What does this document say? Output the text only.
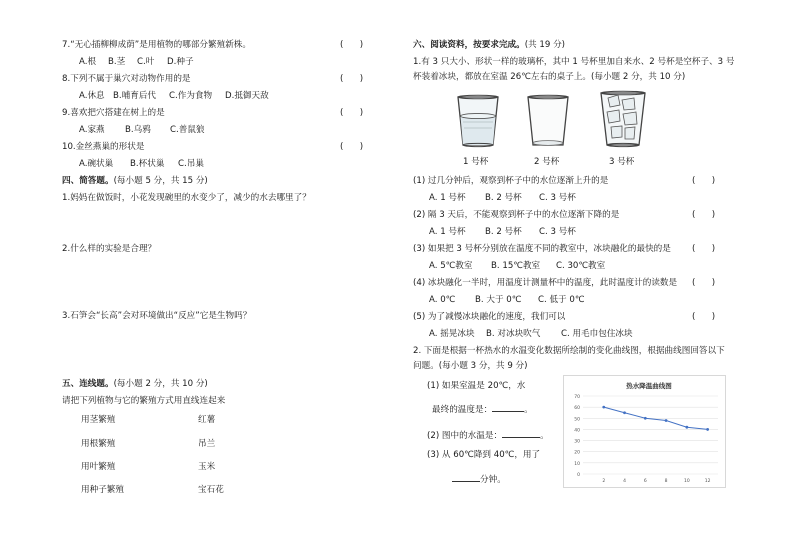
7.“无心插柳柳成荫”是用植物的哪部分繁殖新株。	(      )
A.根 B.茎 C.叶 D.种子
8.下列不属于巢穴对动物作用的是	(      )
A.休息 B.哺育后代 C.作为食物 D.抵御天敌
9.喜欢把穴搭建在树上的是	(      )
A.家燕 B.乌鸦 C.普鼠狼
10.金丝燕巢的形状是	(      )
A.碗状巢 B.杯状巢 C.吊巢
四、简答题。(每小题 5 分，共 15 分)
1.妈妈在做饭时，小花发现碗里的水变少了，减少的水去哪里了？
2.什么样的实验是合理？
3.石笋会“长高”会对环境做出“反应”它是生物吗？
五、连线题。(每小题 2 分，共 10 分)
请把下列植物与它的繁殖方式用直线连起来
用茎繁殖
用根繁殖
用叶繁殖
用种子繁殖
红薯
吊兰
玉米
宝石花
六、阅读资料，按要求完成。(共 19 分)
1.有 3 只大小、形状一样的玻璃杯，其中 1 号杯里加自来水、2 号杯是空杯子、3 号
杯装着冰块，都放在室温 26℃左右的桌子上。(每小题 2 分，共 10 分)
1 号杯	2 号杯	3 号杯
(1) 过几分钟后，观察到杯子中的水位逐渐上升的是	(      )
A. 1 号杯 B. 2 号杯 C. 3 号杯
(2) 隔 3 天后，不能观察到杯子中的水位逐渐下降的是	(      )
A. 1 号杯 B. 2 号杯 C. 3 号杯
(3) 如果把 3 号杯分别放在温度不同的教室中，冰块融化的最快的是 (      )
A. 5℃教室 B. 15℃教室 C. 30℃教室
(4) 冰块融化一半时，用温度计测量杯中的温度，此时温度计的读数是 (      )
A. 0℃ B. 大于 0℃ C. 低于 0℃
(5) 为了减慢冰块融化的速度，我们可以	(      )
A. 摇晃冰块 B. 对冰块吹气 C. 用毛巾包住冰块
2. 下面是根据一杯热水的水温变化数据所绘制的变化曲线图，根据曲线图回答以下
问题。(每小题 3 分，共 9 分)
(1) 如果室温是 20℃，水
最终的温度是：	。
(2) 图中的水温是：	。
(3) 从 60℃降到 40℃，用了
分钟。
热水降温曲线图
0
10
20
30
40
50
60
70
2	4	6	8	10	12
